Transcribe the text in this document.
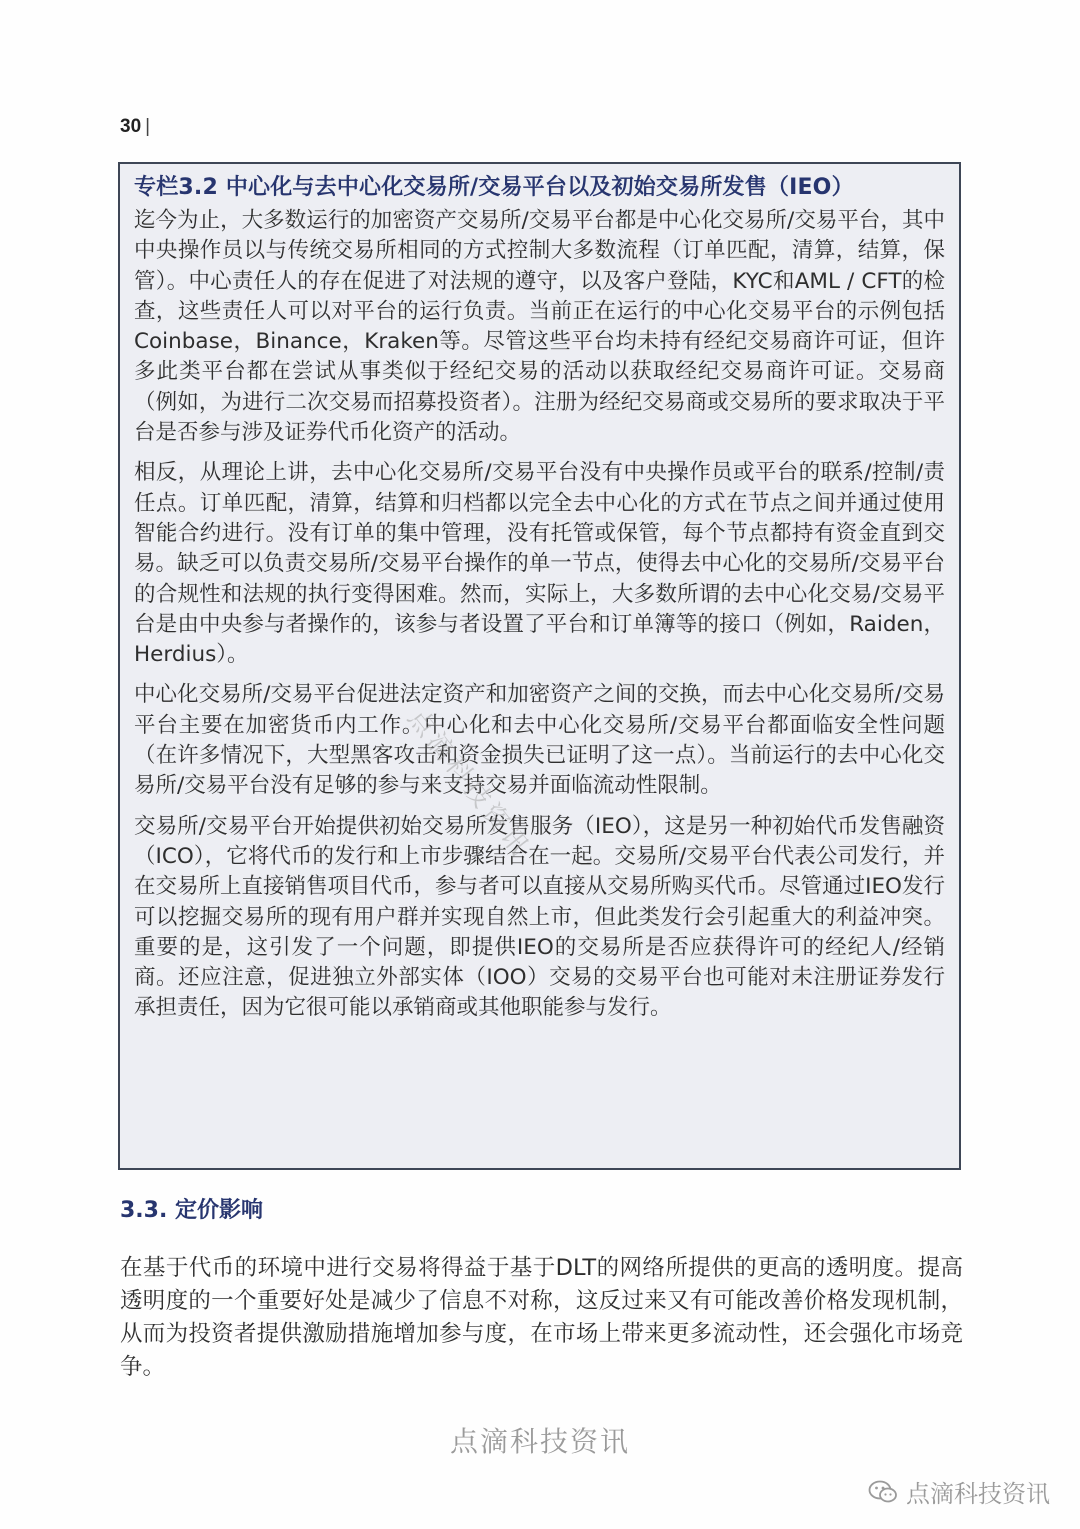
30 |
专栏3.2 中心化与去中心化交易所/交易平台以及初始交易所发售（IEO）

迄今为止，大多数运行的加密资产交易所/交易平台都是中心化交易所/交易平台，其中中央操作员以与传统交易所相同的方式控制大多数流程（订单匹配，清算，结算，保管）。中心责任人的存在促进了对法规的遵守，以及客户登陆，KYC和AML / CFT的检查，这些责任人可以对平台的运行负责。当前正在运行的中心化交易平台的示例包括Coinbase，Binance，Kraken等。尽管这些平台均未持有经纪交易商许可证，但许多此类平台都在尝试从事类似于经纪交易的活动以获取经纪交易商许可证。交易商（例如，为进行二次交易而招募投资者）。注册为经纪交易商或交易所的要求取决于平台是否参与涉及证券代币化资产的活动。

相反，从理论上讲，去中心化交易所/交易平台没有中央操作员或平台的联系/控制/责任点。订单匹配，清算，结算和归档都以完全去中心化的方式在节点之间并通过使用智能合约进行。没有订单的集中管理，没有托管或保管，每个节点都持有资金直到交易。缺乏可以负责交易所/交易平台操作的单一节点，使得去中心化的交易所/交易平台的合规性和法规的执行变得困难。然而，实际上，大多数所谓的去中心化交易/交易平台是由中央参与者操作的，该参与者设置了平台和订单簿等的接口（例如，Raiden，Herdius）。

中心化交易所/交易平台促进法定资产和加密资产之间的交换，而去中心化交易所/交易平台主要在加密货币内工作。中心化和去中心化交易所/交易平台都面临安全性问题（在许多情况下，大型黑客攻击和资金损失已证明了这一点）。当前运行的去中心化交易所/交易平台没有足够的参与来支持交易并面临流动性限制。

交易所/交易平台开始提供初始交易所发售服务（IEO），这是另一种初始代币发售融资（ICO），它将代币的发行和上市步骤结合在一起。交易所/交易平台代表公司发行，并在交易所上直接销售项目代币，参与者可以直接从交易所购买代币。尽管通过IEO发行可以挖掘交易所的现有用户群并实现自然上市，但此类发行会引起重大的利益冲突。重要的是，这引发了一个问题，即提供IEO的交易所是否应获得许可的经纪人/经销商。还应注意，促进独立外部实体（IOO）交易的交易平台也可能对未注册证券发行承担责任，因为它很可能以承销商或其他职能参与发行。

点滴科技资讯
3.3. 定价影响

在基于代币的环境中进行交易将得益于基于DLT的网络所提供的更高的透明度。提高透明度的一个重要好处是减少了信息不对称，这反过来又有可能改善价格发现机制，从而为投资者提供激励措施增加参与度，在市场上带来更多流动性，还会强化市场竞争。

点滴科技资讯
点滴科技资讯
